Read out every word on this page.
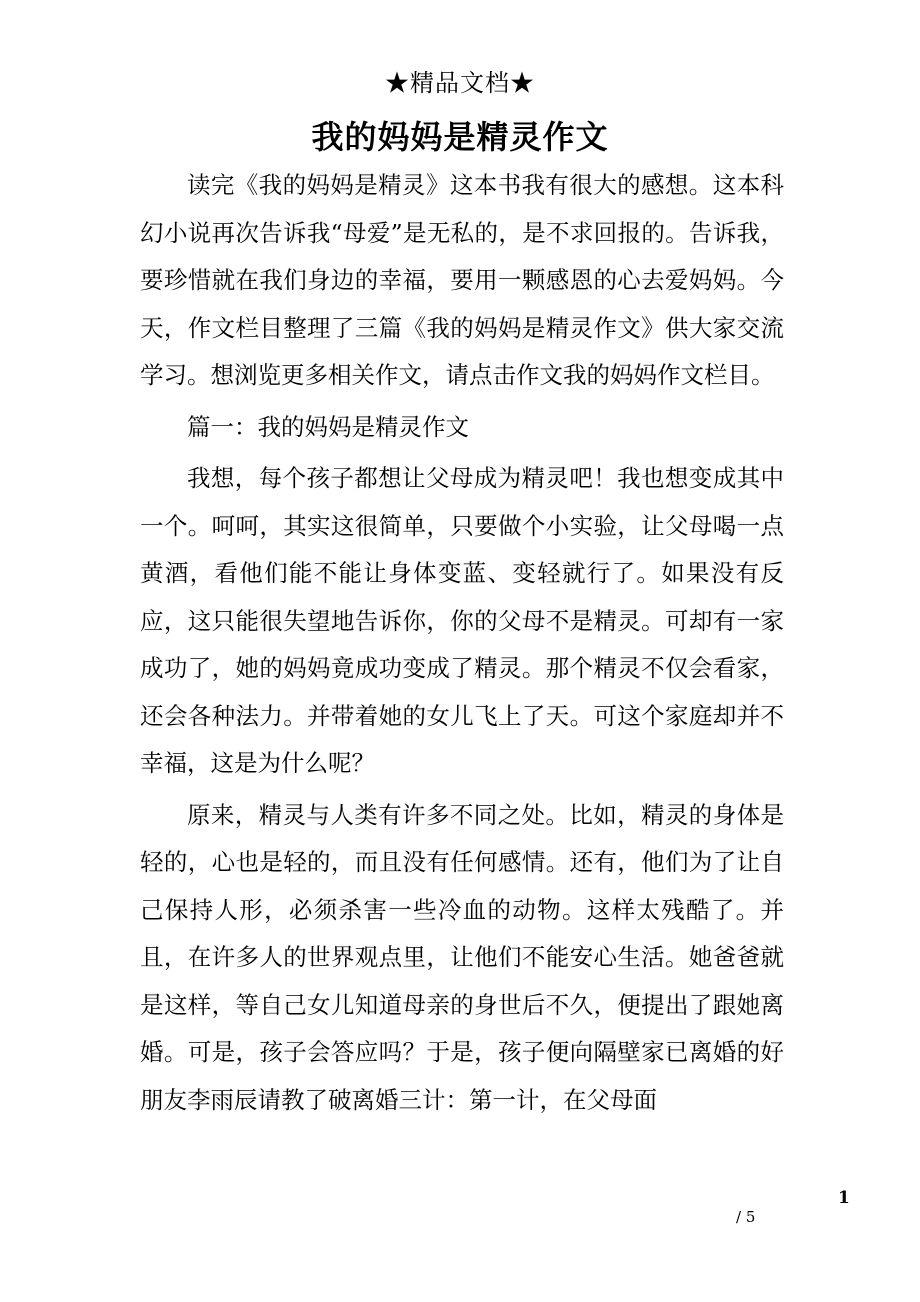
★精品文档★
我的妈妈是精灵作文

读完《我的妈妈是精灵》这本书我有很大的感想。这本科幻小说再次告诉我“母爱”是无私的，是不求回报的。告诉我，要珍惜就在我们身边的幸福，要用一颗感恩的心去爱妈妈。今天，作文栏目整理了三篇《我的妈妈是精灵作文》供大家交流学习。想浏览更多相关作文，请点击作文我的妈妈作文栏目。

篇一：我的妈妈是精灵作文

我想，每个孩子都想让父母成为精灵吧！我也想变成其中一个。呵呵，其实这很简单，只要做个小实验，让父母喝一点黄酒，看他们能不能让身体变蓝、变轻就行了。如果没有反应，这只能很失望地告诉你，你的父母不是精灵。可却有一家成功了，她的妈妈竟成功变成了精灵。那个精灵不仅会看家，还会各种法力。并带着她的女儿飞上了天。可这个家庭却并不幸福，这是为什么呢？

原来，精灵与人类有许多不同之处。比如，精灵的身体是轻的，心也是轻的，而且没有任何感情。还有，他们为了让自己保持人形，必须杀害一些冷血的动物。这样太残酷了。并且，在许多人的世界观点里，让他们不能安心生活。她爸爸就是这样，等自己女儿知道母亲的身世后不久，便提出了跟她离婚。可是，孩子会答应吗？于是，孩子便向隔壁家已离婚的好朋友李雨辰请教了破离婚三计：第一计，在父母面

1
/ 5
